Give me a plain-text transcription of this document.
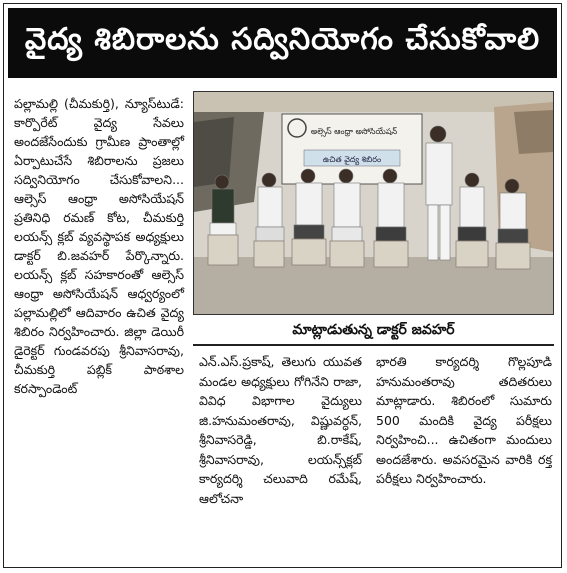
వైద్య శిబిరాలను సద్వినియోగం చేసుకోవాలి

పల్లామల్లి (చీమకుర్తి), న్యూస్‌టుడే: కార్పొరేట్ వైద్య సేవలు అందజేసేందుకు గ్రామీణ ప్రాంతాల్లో ఏర్పాటుచేసే శిబిరాలను ప్రజలు సద్వినియోగం చేసుకోవాలని... ఆల్సెస్ ఆంధ్రా అసోసియేషన్ ప్రతినిధి రమణ్ కోట, చీమకుర్తి లయన్స్ క్లబ్ వ్యవస్థాపక అధ్యక్షులు డాక్టర్ బి.జవహర్ పేర్కొన్నారు. లయన్స్ క్లబ్ సహకారంతో ఆల్సెస్ ఆంధ్రా అసోసియేషన్ ఆధ్వర్యంలో పల్లామల్లిలో ఆదివారం ఉచిత వైద్య శిబిరం నిర్వహించారు. జిల్లా డెయిరీ డైరెక్టర్ గుండవరపు శ్రీనివాసరావు, చీమకుర్తి పబ్లిక్ పాఠశాల కరస్పాండెంట్

అల్సెస్ ఆంధ్రా అసోసియేషన్
ఉచిత వైద్య శిబిరం
మాట్లాడుతున్న డాక్టర్ జవహర్

ఎన్.ఎస్.ప్రకాష్, తెలుగు యువత మండల అధ్యక్షులు గోగినేని రాజా, వివిధ విభాగాల వైద్యులు జి.హనుమంతరావు, విష్ణువర్ధన్, శ్రీనివాసరెడ్డి, బి.రాకేష్, శ్రీనివాసరావు, లయన్స్‌క్లబ్ కార్యదర్శి చలువాది రమేష్, ఆలోచనా

భారతి కార్యదర్శి గొల్లపూడి హనుమంతరావు తదితరులు మాట్లాడారు. శిబిరంలో సుమారు 500 మందికి వైద్య పరీక్షలు నిర్వహించి... ఉచితంగా మందులు అందజేశారు. అవసరమైన వారికి రక్త పరీక్షలు నిర్వహించారు.
